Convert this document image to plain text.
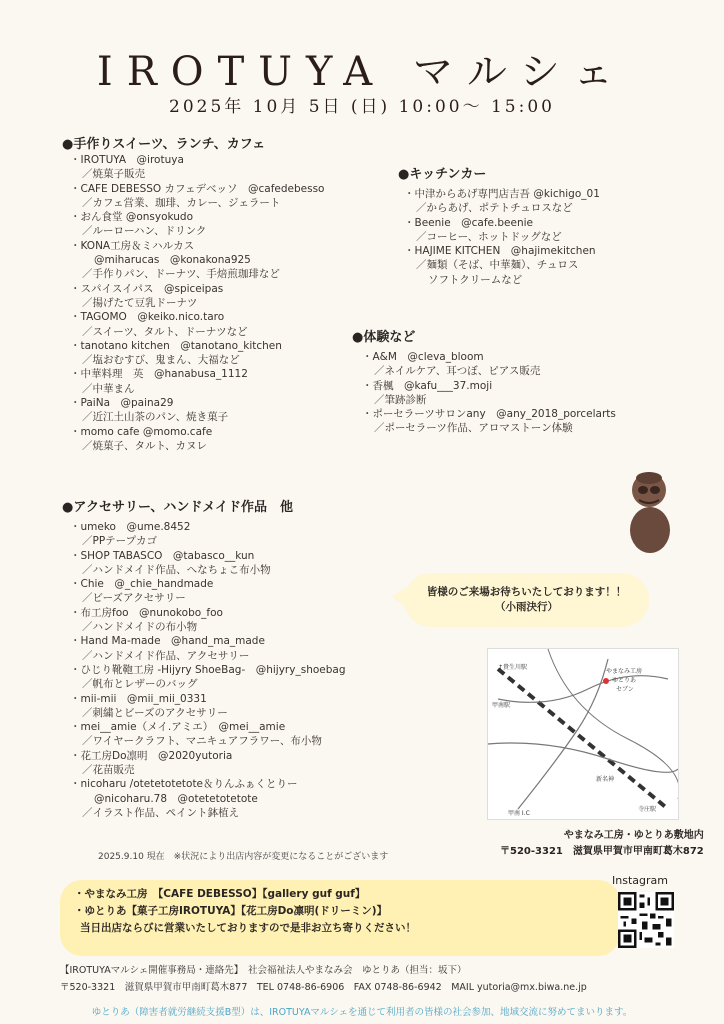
IROTUYA マルシェ
2025年 10月 5日 (日) 10:00～ 15:00
●手作りスイーツ、ランチ、カフェ
・ IROTUYA　@irotuya
／焼菓子販売
・ CAFE DEBESSO カフェデベッソ　@cafedebesso
／カフェ営業、珈琲、カレー、ジェラート
・ おん食堂 @onsyokudo
／ルーローハン、ドリンク
・ KONA工房＆ミハルカス
@miharucas　@konakona925
／手作りパン、ドーナツ、手焙煎珈琲など
・ スパイスイパス　@spiceipas
／揚げたて豆乳ドーナツ
・ TAGOMO　@keiko.nico.taro
／スイーツ、タルト、ドーナツなど
・ tanotano kitchen　@tanotano_kitchen
／塩おむすび、鬼まん、大福など
・ 中華料理　英　@hanabusa_1112
／中華まん
・ PaiNa　@paina29
／近江土山茶のパン、焼き菓子
・ momo cafe @momo.cafe
／焼菓子、タルト、カヌレ
●キッチンカー
・ 中津からあげ専門店吉吾 @kichigo_01
／からあげ、ポテトチュロスなど
・ Beenie　@cafe.beenie
／コーヒー、ホットドッグなど
・ HAJIME KITCHEN　@hajimekitchen
／麺類（そば、中華麺）、チュロス
ソフトクリームなど
●体験など
・ A&M　@cleva_bloom
／ネイルケア、耳つぼ、ピアス販売
・ 香楓　@kafu___37.moji
／筆跡診断
・ ポーセラーツサロンany　@any_2018_porcelarts
／ポーセラーツ作品、アロマストーン体験
●アクセサリー、ハンドメイド作品　他
・ umeko　@ume.8452
／PPテープカゴ
・ SHOP TABASCO　@tabasco__kun
／ハンドメイド作品、へなちょこ布小物
・ Chie　@_chie_handmade
／ビーズアクセサリー
・ 布工房foo　@nunokobo_foo
／ハンドメイドの布小物
・ Hand Ma-made　@hand_ma_made
／ハンドメイド作品、アクセサリー
・ ひじり靴鞄工房 -Hijyry ShoeBag-　@hijyry_shoebag
／帆布とレザーのバッグ
・ mii-mii　@mii_mii_0331
／刺繍とビーズのアクセサリー
・ mei__amie（メイ.アミエ）　@mei__amie
／ワイヤークラフト、マニキュアフラワー、布小物
・ 花工房Do凛明　@2020yutoria
／花苗販売
・ nicoharu /otetetotetote＆りんふぁくとりー
@nicoharu.78　@otetetotetote
／イラスト作品、ペイント鉢植え
皆様のご来場お待ちいたしております！！
（小雨決行）
↑貴生川駅
やまなみ工房
ゆとりあ
セブン
甲南駅
新名神
甲南 I.C
寺庄駅
やまなみ工房・ゆとりあ敷地内
〒520-3321　滋賀県甲賀市甲南町葛木872
2025.9.10 現在　※状況により出店内容が変更になることがございます
・やまなみ工房　【CAFE DEBESSO】【gallery guf guf】
・ゆとりあ【菓子工房IROTUYA】【花工房Do凛明(ドリーミン)】
当日出店ならびに営業いたしておりますので是非お立ち寄りください！
Instagram
【IROTUYAマルシェ開催事務局・連絡先】　社会福祉法人やまなみ会　ゆとりあ（担当：坂下）
〒520-3321　滋賀県甲賀市甲南町葛木877　TEL 0748-86-6906　FAX 0748-86-6942　MAIL yutoria@mx.biwa.ne.jp
ゆとりあ（障害者就労継続支援B型）は、IROTUYAマルシェを通じて利用者の皆様の社会参加、地域交流に努めてまいります。
